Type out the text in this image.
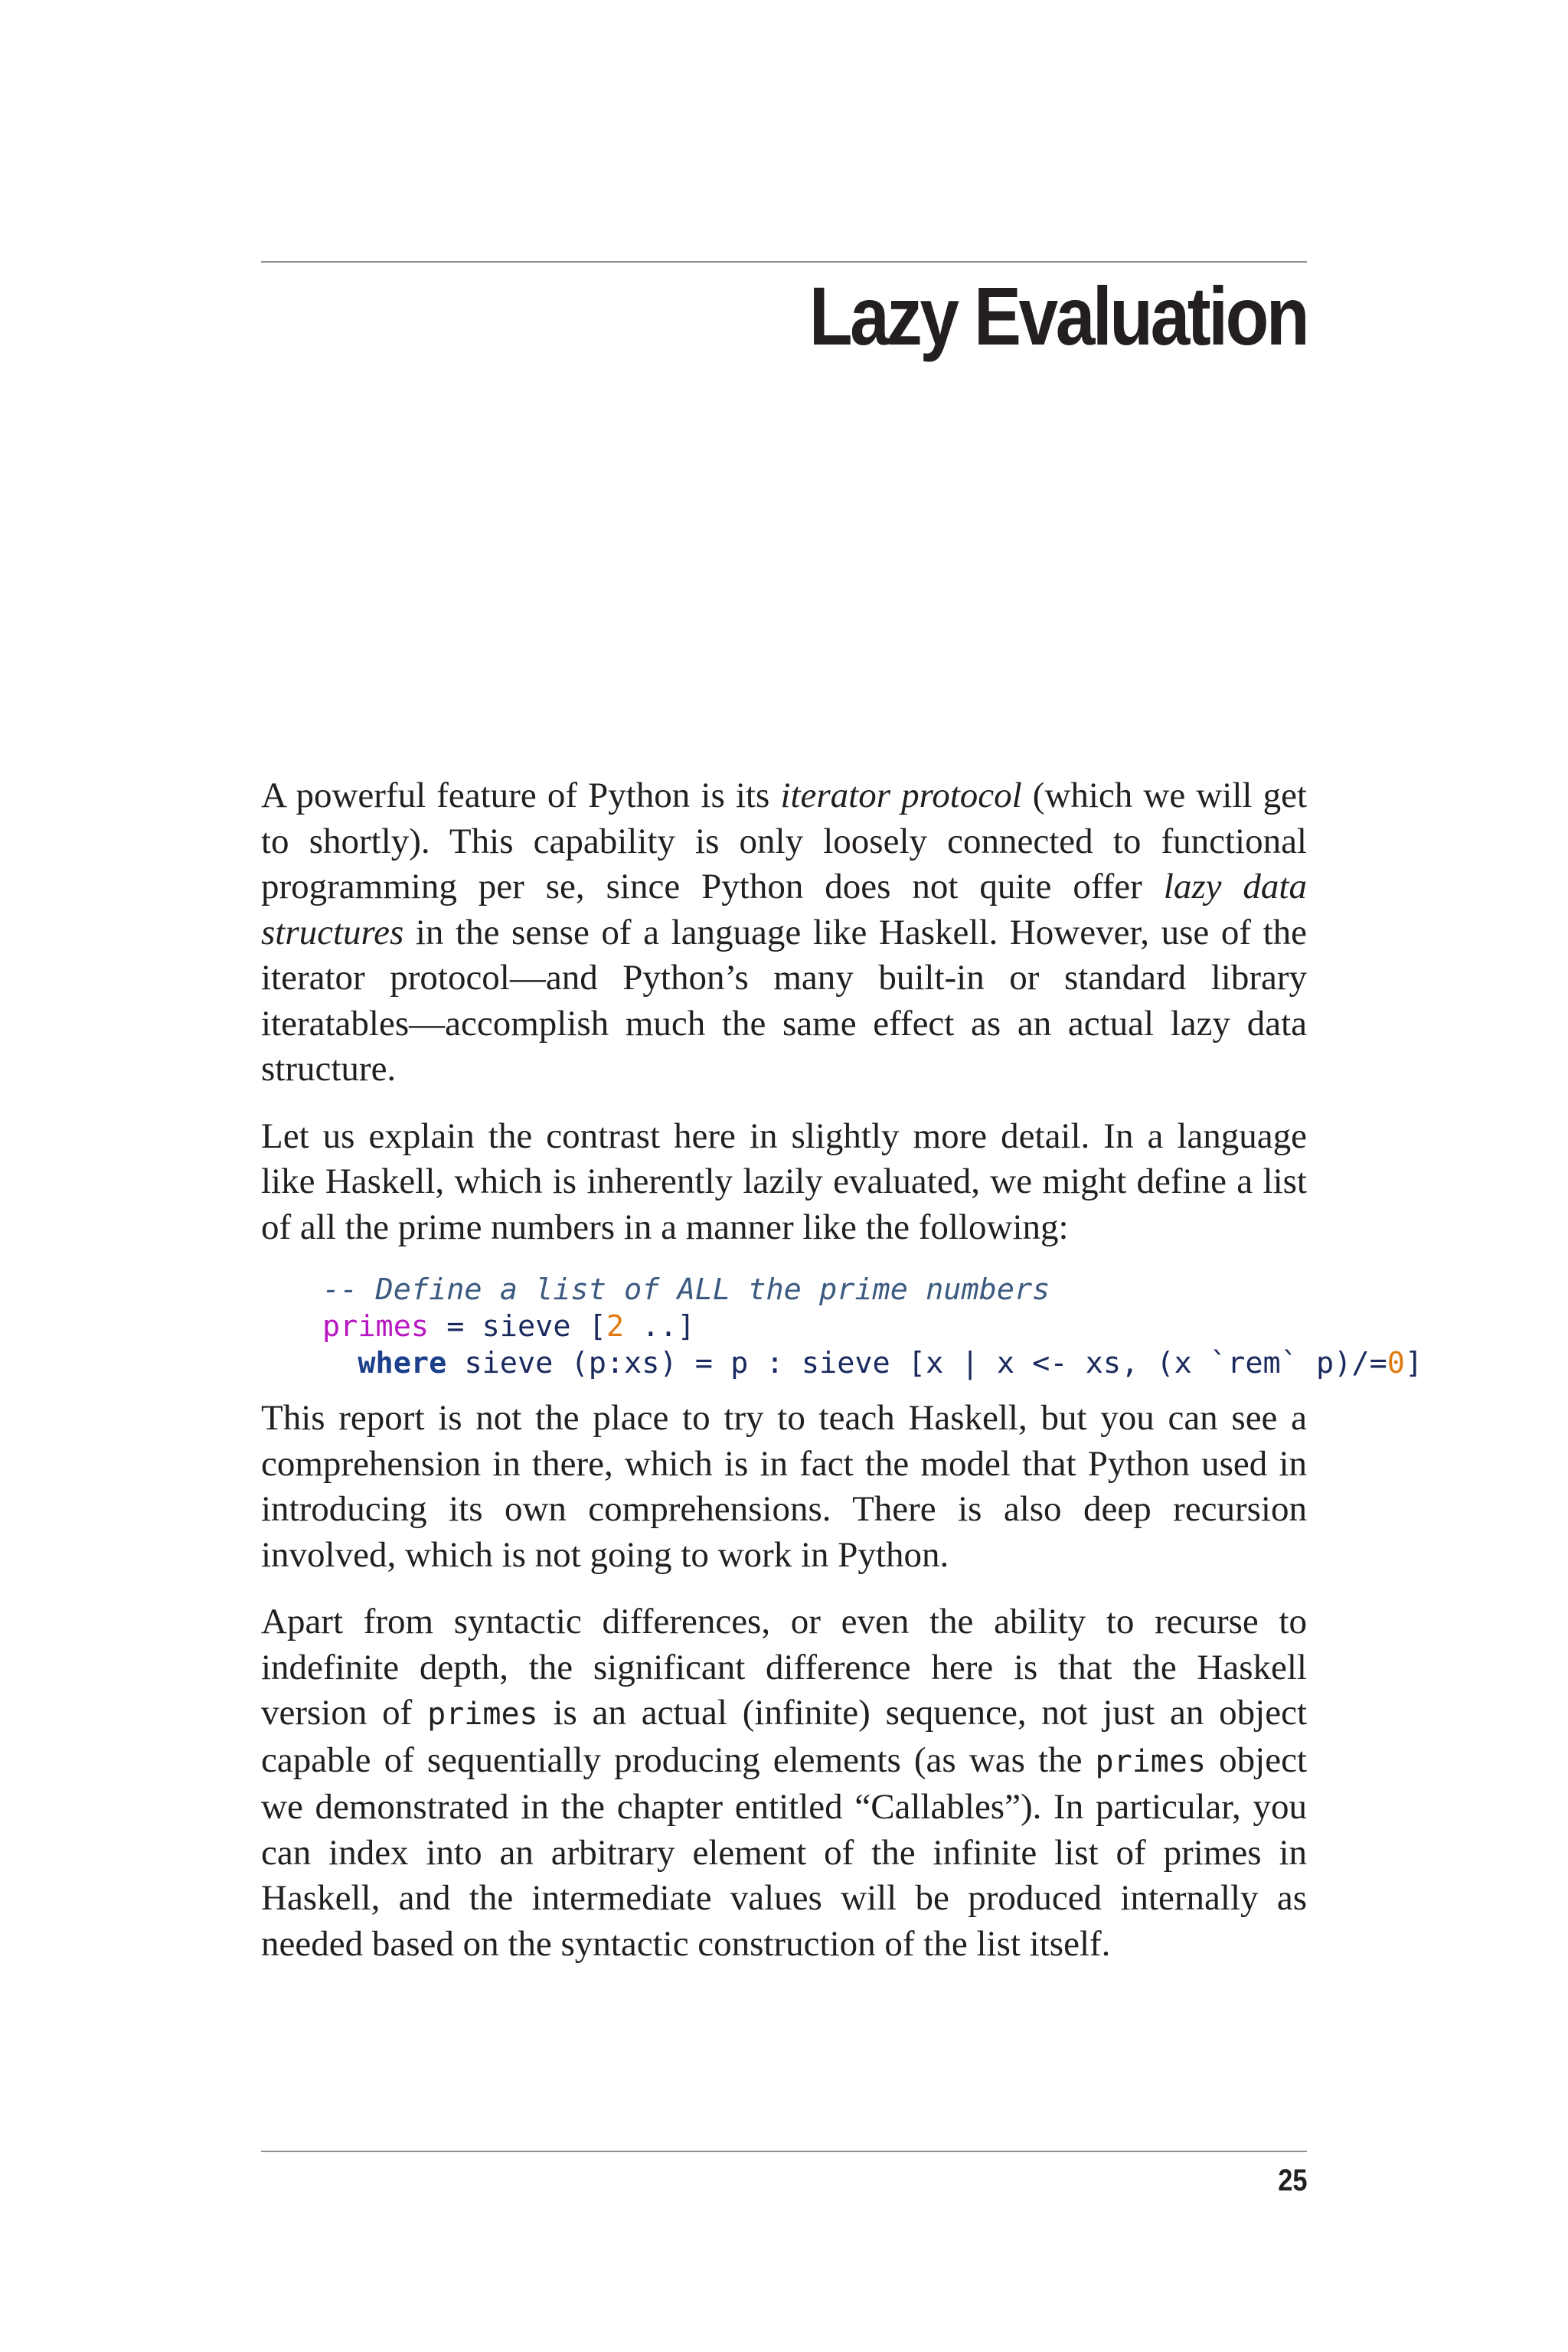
Lazy Evaluation

A powerful feature of Python is its iterator protocol (which we will get to shortly). This capability is only loosely connected to functional programming per se, since Python does not quite offer lazy data structures in the sense of a language like Haskell. However, use of the iterator protocol—and Python’s many built-in or standard library iteratables—accomplish much the same effect as an actual lazy data structure.

Let us explain the contrast here in slightly more detail. In a language like Haskell, which is inherently lazily evaluated, we might define a list of all the prime numbers in a manner like the following:

-- Define a list of ALL the prime numbers
primes = sieve [2 ..]
where sieve (p:xs) = p : sieve [x | x <- xs, (x `rem` p)/=0]

This report is not the place to try to teach Haskell, but you can see a comprehension in there, which is in fact the model that Python used in introducing its own comprehensions. There is also deep recursion involved, which is not going to work in Python.

Apart from syntactic differences, or even the ability to recurse to indefinite depth, the significant difference here is that the Haskell version of primes is an actual (infinite) sequence, not just an object capable of sequentially producing elements (as was the primes object we demonstrated in the chapter entitled “Callables”). In particular, you can index into an arbitrary element of the infinite list of primes in Haskell, and the intermediate values will be produced internally as needed based on the syntactic construction of the list itself.

25
